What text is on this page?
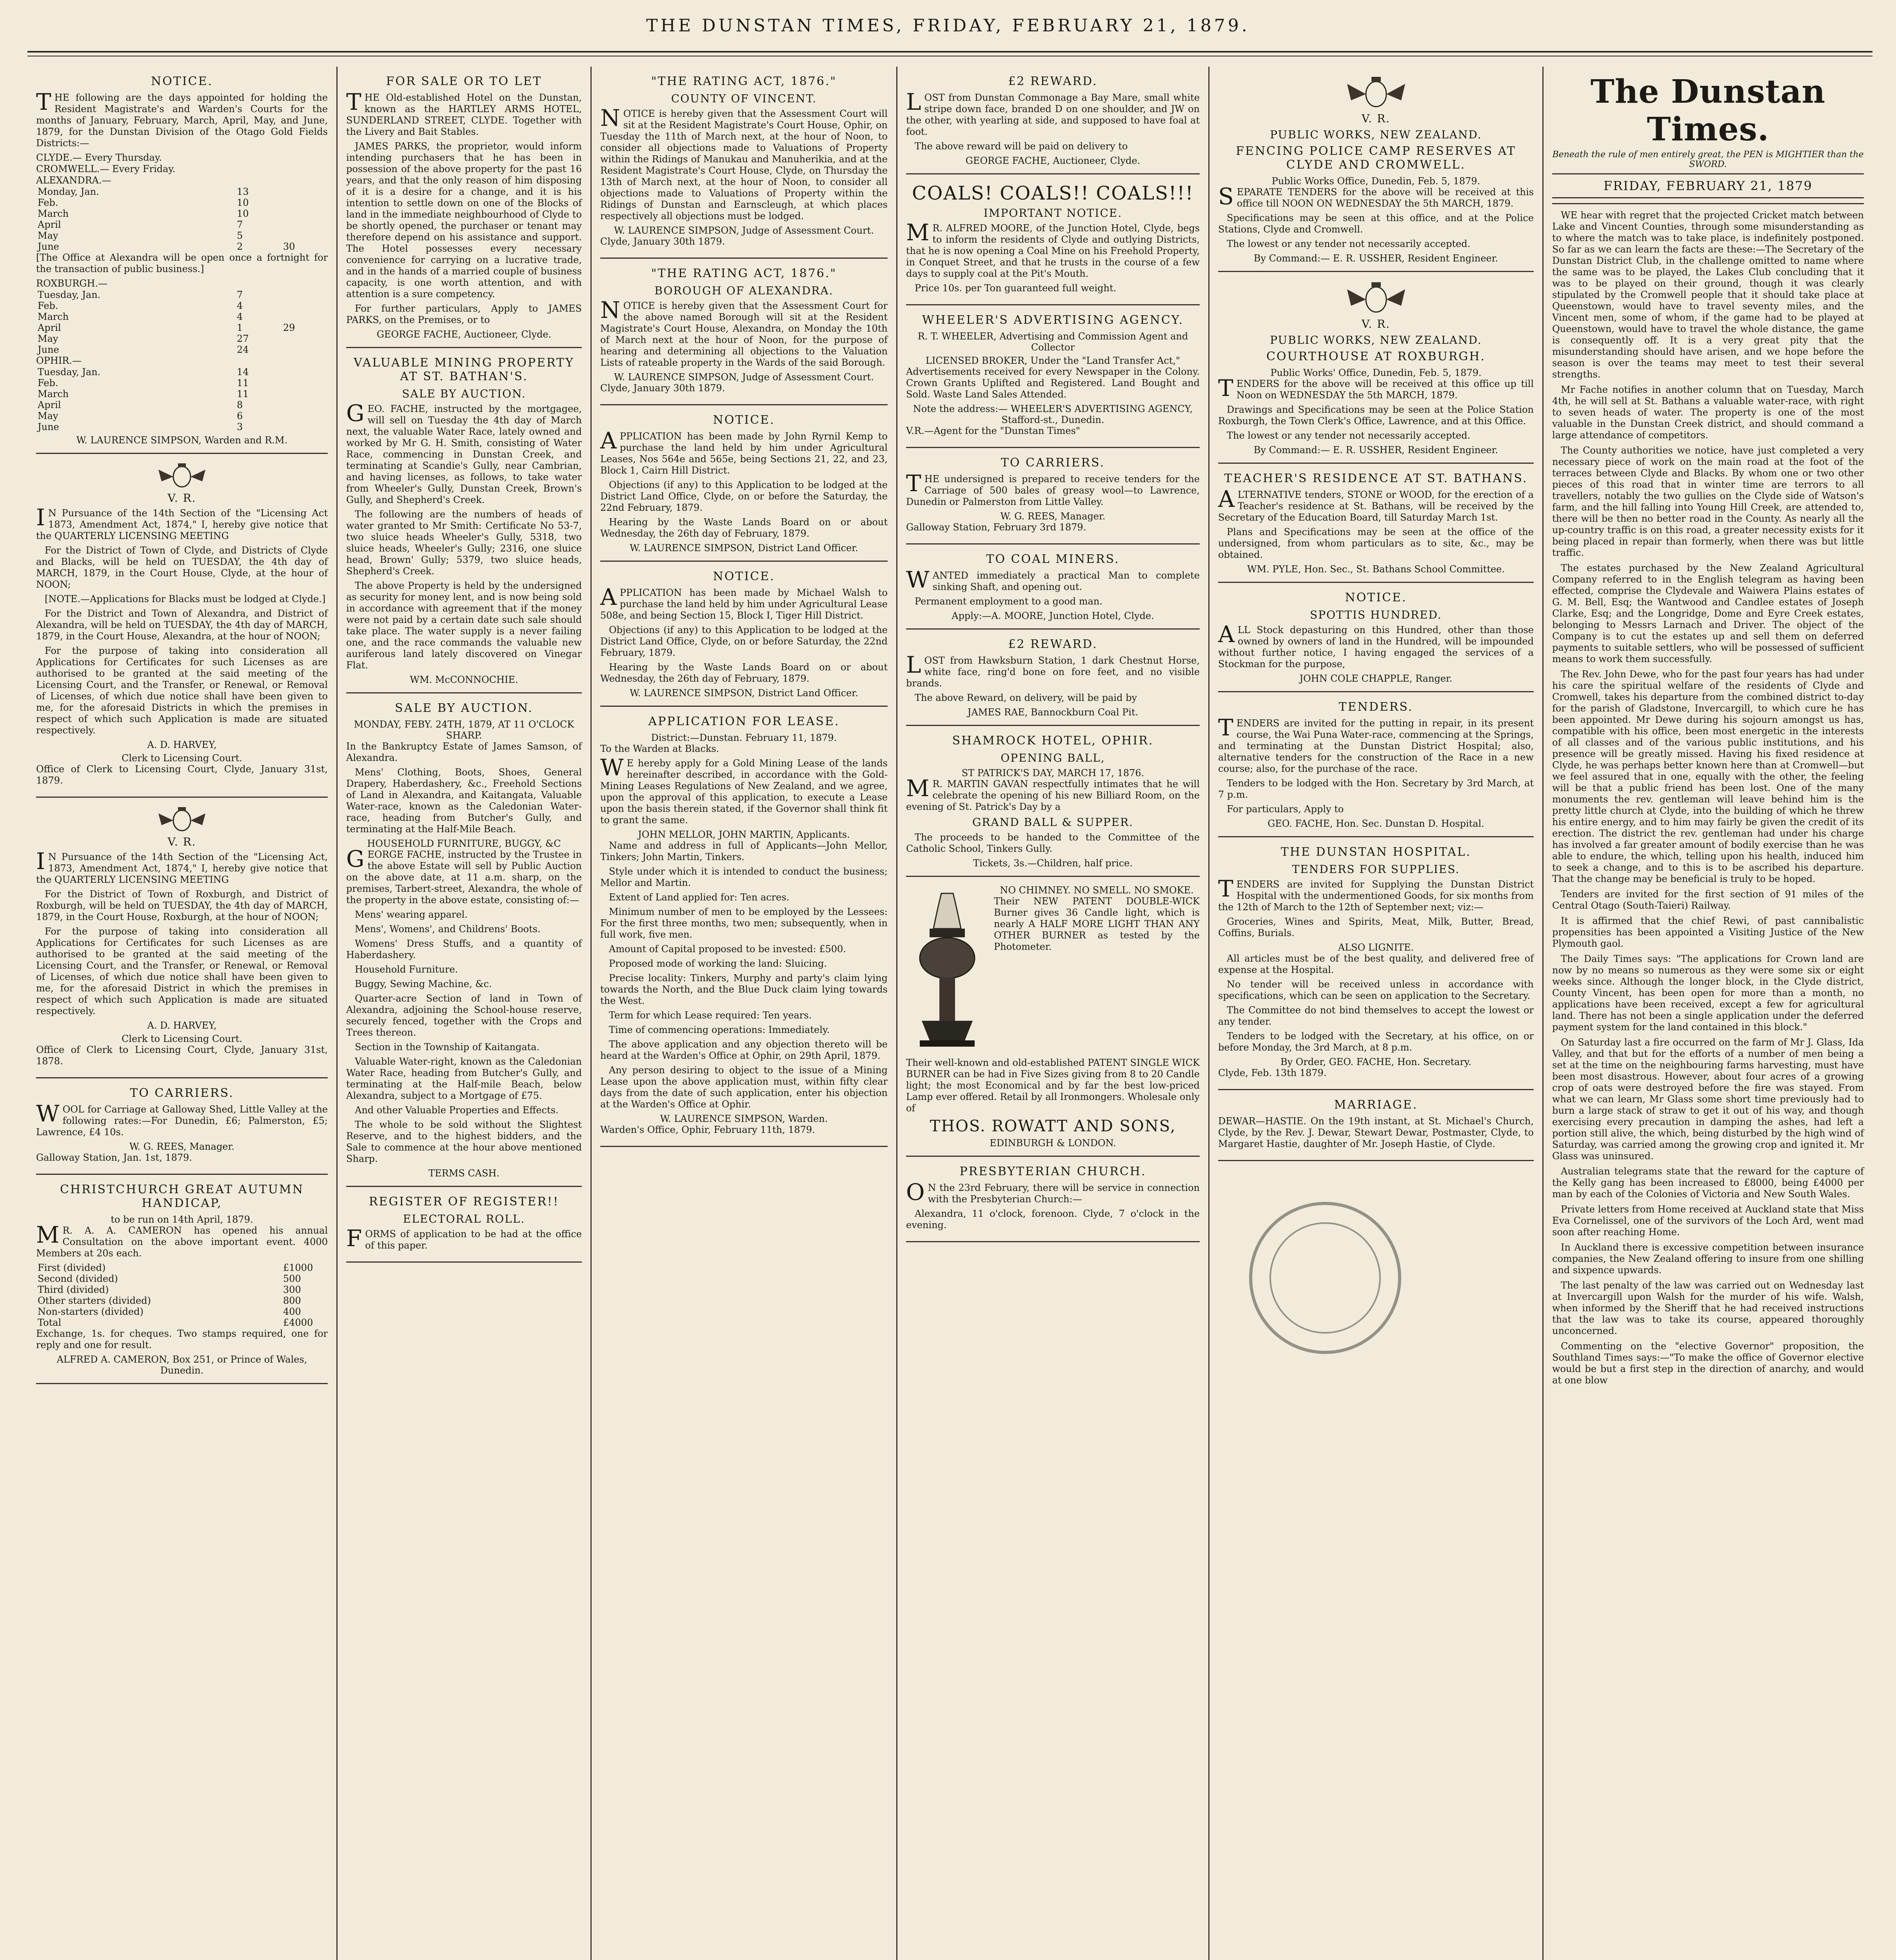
THE DUNSTAN TIMES, FRIDAY, FEBRUARY 21, 1879.
NOTICE.

THE following are the days appointed for holding the Resident Magistrate's and Warden's Courts for the months of January, February, March, April, May, and June, 1879, for the Dunstan Division of the Otago Gold Fields Districts:—

CLYDE.— Every Thursday.

CROMWELL.— Every Friday.

ALEXANDRA.—

Monday, Jan.	13	
Feb.	10	
March	10	
April	7	
May	5	
June	2	30

[The Office at Alexandra will be open once a fortnight for the transaction of public business.]

ROXBURGH.—

Tuesday, Jan.	7	
Feb.	4	
March	4	
April	1	29
May	27	
June	24	

OPHIR.—

Tuesday, Jan.	14	
Feb.	11	
March	11	
April	8	
May	6	
June	3	

W. LAURENCE SIMPSON, Warden and R.M.

V. R.

IN Pursuance of the 14th Section of the "Licensing Act 1873, Amendment Act, 1874," I, hereby give notice that the QUARTERLY LICENSING MEETING

For the District of Town of Clyde, and Districts of Clyde and Blacks, will be held on TUESDAY, the 4th day of MARCH, 1879, in the Court House, Clyde, at the hour of NOON;

[NOTE.—Applications for Blacks must be lodged at Clyde.]

For the District and Town of Alexandra, and District of Alexandra, will be held on TUESDAY, the 4th day of MARCH, 1879, in the Court House, Alexandra, at the hour of NOON;

For the purpose of taking into consideration all Applications for Certificates for such Licenses as are authorised to be granted at the said meeting of the Licensing Court, and the Transfer, or Renewal, or Removal of Licenses, of which due notice shall have been given to me, for the aforesaid Districts in which the premises in respect of which such Application is made are situated respectively.

A. D. HARVEY,

Clerk to Licensing Court.

Office of Clerk to Licensing Court, Clyde, January 31st, 1879.

V. R.

IN Pursuance of the 14th Section of the "Licensing Act, 1873, Amendment Act, 1874," I, hereby give notice that the QUARTERLY LICENSING MEETING

For the District of Town of Roxburgh, and District of Roxburgh, will be held on TUESDAY, the 4th day of MARCH, 1879, in the Court House, Roxburgh, at the hour of NOON;

For the purpose of taking into consideration all Applications for Certificates for such Licenses as are authorised to be granted at the said meeting of the Licensing Court, and the Transfer, or Renewal, or Removal of Licenses, of which due notice shall have been given to me, for the aforesaid District in which the premises in respect of which such Application is made are situated respectively.

A. D. HARVEY,

Clerk to Licensing Court.

Office of Clerk to Licensing Court, Clyde, January 31st, 1878.

TO CARRIERS.

WOOL for Carriage at Galloway Shed, Little Valley at the following rates:—For Dunedin, £6; Palmerston, £5; Lawrence, £4 10s.

W. G. REES, Manager.

Galloway Station, Jan. 1st, 1879.

CHRISTCHURCH GREAT AUTUMN HANDICAP,

to be run on 14th April, 1879.

MR. A. A. CAMERON has opened his annual Consultation on the above important event. 4000 Members at 20s each.

First (divided)	£1000
Second (divided)	500
Third (divided)	300
Other starters (divided)	800
Non-starters (divided)	400
Total	£4000

Exchange, 1s. for cheques. Two stamps required, one for reply and one for result.

ALFRED A. CAMERON, Box 251, or Prince of Wales, Dunedin.

FOR SALE OR TO LET

THE Old-established Hotel on the Dunstan, known as the HARTLEY ARMS HOTEL, SUNDERLAND STREET, CLYDE. Together with the Livery and Bait Stables.

JAMES PARKS, the proprietor, would inform intending purchasers that he has been in possession of the above property for the past 16 years, and that the only reason of him disposing of it is a desire for a change, and it is his intention to settle down on one of the Blocks of land in the immediate neighbourhood of Clyde to be shortly opened, the purchaser or tenant may therefore depend on his assistance and support. The Hotel possesses every necessary convenience for carrying on a lucrative trade, and in the hands of a married couple of business capacity, is one worth attention, and with attention is a sure competency.

For further particulars, Apply to JAMES PARKS, on the Premises, or to

GEORGE FACHE, Auctioneer, Clyde.

VALUABLE MINING PROPERTY AT ST. BATHAN'S.
SALE BY AUCTION.

GEO. FACHE, instructed by the mortgagee, will sell on Tuesday the 4th day of March next, the valuable Water Race, lately owned and worked by Mr G. H. Smith, consisting of Water Race, commencing in Dunstan Creek, and terminating at Scandie's Gully, near Cambrian, and having licenses, as follows, to take water from Wheeler's Gully, Dunstan Creek, Brown's Gully, and Shepherd's Creek.

The following are the numbers of heads of water granted to Mr Smith: Certificate No 53-7, two sluice heads Wheeler's Gully, 5318, two sluice heads, Wheeler's Gully; 2316, one sluice head, Brown' Gully; 5379, two sluice heads, Shepherd's Creek.

The above Property is held by the undersigned as security for money lent, and is now being sold in accordance with agreement that if the money were not paid by a certain date such sale should take place. The water supply is a never failing one, and the race commands the valuable new auriferous land lately discovered on Vinegar Flat.

WM. McCONNOCHIE.

SALE BY AUCTION.

MONDAY, FEBY. 24TH, 1879, AT 11 O'CLOCK SHARP.

In the Bankruptcy Estate of James Samson, of Alexandra.

Mens' Clothing, Boots, Shoes, General Drapery, Haberdashery, &c., Freehold Sections of Land in Alexandra, and Kaitangata, Valuable Water-race, known as the Caledonian Water-race, heading from Butcher's Gully, and terminating at the Half-Mile Beach.

HOUSEHOLD FURNITURE, BUGGY, &C

GEORGE FACHE, instructed by the Trustee in the above Estate will sell by Public Auction on the above date, at 11 a.m. sharp, on the premises, Tarbert-street, Alexandra, the whole of the property in the above estate, consisting of:—

Mens' wearing apparel.

Mens', Womens', and Childrens' Boots.

Womens' Dress Stuffs, and a quantity of Haberdashery.

Household Furniture.

Buggy, Sewing Machine, &c.

Quarter-acre Section of land in Town of Alexandra, adjoining the School-house reserve, securely fenced, together with the Crops and Trees thereon.

Section in the Township of Kaitangata.

Valuable Water-right, known as the Caledonian Water Race, heading from Butcher's Gully, and terminating at the Half-mile Beach, below Alexandra, subject to a Mortgage of £75.

And other Valuable Properties and Effects.

The whole to be sold without the Slightest Reserve, and to the highest bidders, and the Sale to commence at the hour above mentioned Sharp.

TERMS CASH.

REGISTER OF REGISTER!!
ELECTORAL ROLL.

FORMS of application to be had at the office of this paper.

"THE RATING ACT, 1876."
COUNTY OF VINCENT.

NOTICE is hereby given that the Assessment Court will sit at the Resident Magistrate's Court House, Ophir, on Tuesday the 11th of March next, at the hour of Noon, to consider all objections made to Valuations of Property within the Ridings of Manukau and Manuherikia, and at the Resident Magistrate's Court House, Clyde, on Thursday the 13th of March next, at the hour of Noon, to consider all objections made to Valuations of Property within the Ridings of Dunstan and Earnscleugh, at which places respectively all objections must be lodged.

W. LAURENCE SIMPSON, Judge of Assessment Court.

Clyde, January 30th 1879.

"THE RATING ACT, 1876."
BOROUGH OF ALEXANDRA.

NOTICE is hereby given that the Assessment Court for the above named Borough will sit at the Resident Magistrate's Court House, Alexandra, on Monday the 10th of March next at the hour of Noon, for the purpose of hearing and determining all objections to the Valuation Lists of rateable property in the Wards of the said Borough.

W. LAURENCE SIMPSON, Judge of Assessment Court.

Clyde, January 30th 1879.

NOTICE.

APPLICATION has been made by John Ryrnil Kemp to purchase the land held by him under Agricultural Leases, Nos 564e and 565e, being Sections 21, 22, and 23, Block 1, Cairn Hill District.

Objections (if any) to this Application to be lodged at the District Land Office, Clyde, on or before the Saturday, the 22nd February, 1879.

Hearing by the Waste Lands Board on or about Wednesday, the 26th day of February, 1879.

W. LAURENCE SIMPSON, District Land Officer.

NOTICE.

APPLICATION has been made by Michael Walsh to purchase the land held by him under Agricultural Lease 508e, and being Section 15, Block I, Tiger Hill District.

Objections (if any) to this Application to be lodged at the District Land Office, Clyde, on or before Saturday, the 22nd February, 1879.

Hearing by the Waste Lands Board on or about Wednesday, the 26th day of February, 1879.

W. LAURENCE SIMPSON, District Land Officer.

APPLICATION FOR LEASE.

District:—Dunstan. February 11, 1879.

To the Warden at Blacks.

WE hereby apply for a Gold Mining Lease of the lands hereinafter described, in accordance with the Gold-Mining Leases Regulations of New Zealand, and we agree, upon the approval of this application, to execute a Lease upon the basis therein stated, if the Governor shall think fit to grant the same.

JOHN MELLOR, JOHN MARTIN, Applicants.

Name and address in full of Applicants—John Mellor, Tinkers; John Martin, Tinkers.

Style under which it is intended to conduct the business; Mellor and Martin.

Extent of Land applied for: Ten acres.

Minimum number of men to be employed by the Lessees: For the first three months, two men; subsequently, when in full work, five men.

Amount of Capital proposed to be invested: £500.

Proposed mode of working the land: Sluicing.

Precise locality: Tinkers, Murphy and party's claim lying towards the North, and the Blue Duck claim lying towards the West.

Term for which Lease required: Ten years.

Time of commencing operations: Immediately.

The above application and any objection thereto will be heard at the Warden's Office at Ophir, on 29th April, 1879.

Any person desiring to object to the issue of a Mining Lease upon the above application must, within fifty clear days from the date of such application, enter his objection at the Warden's Office at Ophir.

W. LAURENCE SIMPSON, Warden.

Warden's Office, Ophir, February 11th, 1879.

£2 REWARD.

LOST from Dunstan Commonage a Bay Mare, small white stripe down face, branded D on one shoulder, and JW on the other, with yearling at side, and supposed to have foal at foot.

The above reward will be paid on delivery to

GEORGE FACHE, Auctioneer, Clyde.

COALS! COALS!! COALS!!!
IMPORTANT NOTICE.

MR. ALFRED MOORE, of the Junction Hotel, Clyde, begs to inform the residents of Clyde and outlying Districts, that he is now opening a Coal Mine on his Freehold Property, in Conquet Street, and that he trusts in the course of a few days to supply coal at the Pit's Mouth.

Price 10s. per Ton guaranteed full weight.

WHEELER'S ADVERTISING AGENCY.

R. T. WHEELER, Advertising and Commission Agent and Collector

LICENSED BROKER, Under the "Land Transfer Act,"

Advertisements received for every Newspaper in the Colony. Crown Grants Uplifted and Registered. Land Bought and Sold. Waste Land Sales Attended.

Note the address:— WHEELER'S ADVERTISING AGENCY, Stafford-st., Dunedin.

V.R.—Agent for the "Dunstan Times"

TO CARRIERS.

THE undersigned is prepared to receive tenders for the Carriage of 500 bales of greasy wool—to Lawrence, Dunedin or Palmerston from Little Valley.

W. G. REES, Manager.

Galloway Station, February 3rd 1879.

TO COAL MINERS.

WANTED immediately a practical Man to complete sinking Shaft, and opening out.

Permanent employment to a good man.

Apply:—A. MOORE, Junction Hotel, Clyde.

£2 REWARD.

LOST from Hawksburn Station, 1 dark Chestnut Horse, white face, ring'd bone on fore feet, and no visible brands.

The above Reward, on delivery, will be paid by

JAMES RAE, Bannockburn Coal Pit.

SHAMROCK HOTEL, OPHIR.
OPENING BALL,

ST PATRICK'S DAY, MARCH 17, 1876.

MR. MARTIN GAVAN respectfully intimates that he will celebrate the opening of his new Billiard Room, on the evening of St. Patrick's Day by a

GRAND BALL & SUPPER.

The proceeds to be handed to the Committee of the Catholic School, Tinkers Gully.

Tickets, 3s.—Children, half price.

NO CHIMNEY. NO SMELL. NO SMOKE.

Their NEW PATENT DOUBLE-WICK Burner gives 36 Candle light, which is nearly A HALF MORE LIGHT THAN ANY OTHER BURNER as tested by the Photometer.

Their well-known and old-established PATENT SINGLE WICK BURNER can be had in Five Sizes giving from 8 to 20 Candle light; the most Economical and by far the best low-priced Lamp ever offered. Retail by all Ironmongers. Wholesale only of

THOS. ROWATT AND SONS,

EDINBURGH & LONDON.

PRESBYTERIAN CHURCH.

ON the 23rd February, there will be service in connection with the Presbyterian Church:—

Alexandra, 11 o'clock, forenoon. Clyde, 7 o'clock in the evening.

V. R.
PUBLIC WORKS, NEW ZEALAND.
FENCING POLICE CAMP RESERVES AT CLYDE AND CROMWELL.

Public Works Office, Dunedin, Feb. 5, 1879.

SEPARATE TENDERS for the above will be received at this office till NOON ON WEDNESDAY the 5th MARCH, 1879.

Specifications may be seen at this office, and at the Police Stations, Clyde and Cromwell.

The lowest or any tender not necessarily accepted.

By Command:— E. R. USSHER, Resident Engineer.

V. R.
PUBLIC WORKS, NEW ZEALAND.
COURTHOUSE AT ROXBURGH.

Public Works' Office, Dunedin, Feb. 5, 1879.

TENDERS for the above will be received at this office up till Noon on WEDNESDAY the 5th MARCH, 1879.

Drawings and Specifications may be seen at the Police Station Roxburgh, the Town Clerk's Office, Lawrence, and at this Office.

The lowest or any tender not necessarily accepted.

By Command:— E. R. USSHER, Resident Engineer.

TEACHER'S RESIDENCE AT ST. BATHANS.

ALTERNATIVE tenders, STONE or WOOD, for the erection of a Teacher's residence at St. Bathans, will be received by the Secretary of the Education Board, till Saturday March 1st.

Plans and Specifications may be seen at the office of the undersigned, from whom particulars as to site, &c., may be obtained.

WM. PYLE, Hon. Sec., St. Bathans School Committee.

NOTICE.
SPOTTIS HUNDRED.

ALL Stock depasturing on this Hundred, other than those owned by owners of land in the Hundred, will be impounded without further notice, I having engaged the services of a Stockman for the purpose,

JOHN COLE CHAPPLE, Ranger.

TENDERS.

TENDERS are invited for the putting in repair, in its present course, the Wai Puna Water-race, commencing at the Springs, and terminating at the Dunstan District Hospital; also, alternative tenders for the construction of the Race in a new course; also, for the purchase of the race.

Tenders to be lodged with the Hon. Secretary by 3rd March, at 7 p.m.

For particulars, Apply to

GEO. FACHE, Hon. Sec. Dunstan D. Hospital.

THE DUNSTAN HOSPITAL.
TENDERS FOR SUPPLIES.

TENDERS are invited for Supplying the Dunstan District Hospital with the undermentioned Goods, for six months from the 12th of March to the 12th of September next; viz:—

Groceries, Wines and Spirits, Meat, Milk, Butter, Bread, Coffins, Burials.

ALSO LIGNITE.

All articles must be of the best quality, and delivered free of expense at the Hospital.

No tender will be received unless in accordance with specifications, which can be seen on application to the Secretary.

The Committee do not bind themselves to accept the lowest or any tender.

Tenders to be lodged with the Secretary, at his office, on or before Monday, the 3rd March, at 8 p.m.

By Order, GEO. FACHE, Hon. Secretary.

Clyde, Feb. 13th 1879.

MARRIAGE.

DEWAR—HASTIE. On the 19th instant, at St. Michael's Church, Clyde, by the Rev. J. Dewar, Stewart Dewar, Postmaster, Clyde, to Margaret Hastie, daughter of Mr. Joseph Hastie, of Clyde.

The Dunstan Times.
Beneath the rule of men entirely great, the PEN is MIGHTIER than the SWORD.
FRIDAY, FEBRUARY 21, 1879

WE hear with regret that the projected Cricket match between Lake and Vincent Counties, through some misunderstanding as to where the match was to take place, is indefinitely postponed. So far as we can learn the facts are these:—The Secretary of the Dunstan District Club, in the challenge omitted to name where the same was to be played, the Lakes Club concluding that it was to be played on their ground, though it was clearly stipulated by the Cromwell people that it should take place at Queenstown, would have to travel seventy miles, and the Vincent men, some of whom, if the game had to be played at Queenstown, would have to travel the whole distance, the game is consequently off. It is a very great pity that the misunderstanding should have arisen, and we hope before the season is over the teams may meet to test their several strengths.

Mr Fache notifies in another column that on Tuesday, March 4th, he will sell at St. Bathans a valuable water-race, with right to seven heads of water. The property is one of the most valuable in the Dunstan Creek district, and should command a large attendance of competitors.

The County authorities we notice, have just completed a very necessary piece of work on the main road at the foot of the terraces between Clyde and Blacks. By whom one or two other pieces of this road that in winter time are terrors to all travellers, notably the two gullies on the Clyde side of Watson's farm, and the hill falling into Young Hill Creek, are attended to, there will be then no better road in the County. As nearly all the up-country traffic is on this road, a greater necessity exists for it being placed in repair than formerly, when there was but little traffic.

The estates purchased by the New Zealand Agricultural Company referred to in the English telegram as having been effected, comprise the Clydevale and Waiwera Plains estates of G. M. Bell, Esq; the Wantwood and Candlee estates of Joseph Clarke, Esq; and the Longridge, Dome and Eyre Creek estates, belonging to Messrs Larnach and Driver. The object of the Company is to cut the estates up and sell them on deferred payments to suitable settlers, who will be possessed of sufficient means to work them successfully.

The Rev. John Dewe, who for the past four years has had under his care the spiritual welfare of the residents of Clyde and Cromwell, takes his departure from the combined district to-day for the parish of Gladstone, Invercargill, to which cure he has been appointed. Mr Dewe during his sojourn amongst us has, compatible with his office, been most energetic in the interests of all classes and of the various public institutions, and his presence will be greatly missed. Having his fixed residence at Clyde, he was perhaps better known here than at Cromwell—but we feel assured that in one, equally with the other, the feeling will be that a public friend has been lost. One of the many monuments the rev. gentleman will leave behind him is the pretty little church at Clyde, into the building of which he threw his entire energy, and to him may fairly be given the credit of its erection. The district the rev. gentleman had under his charge has involved a far greater amount of bodily exercise than he was able to endure, the which, telling upon his health, induced him to seek a change, and to this is to be ascribed his departure. That the change may be beneficial is truly to be hoped.

Tenders are invited for the first section of 91 miles of the Central Otago (South-Taieri) Railway.

It is affirmed that the chief Rewi, of past cannibalistic propensities has been appointed a Visiting Justice of the New Plymouth gaol.

The Daily Times says: "The applications for Crown land are now by no means so numerous as they were some six or eight weeks since. Although the longer block, in the Clyde district, County Vincent, has been open for more than a month, no applications have been received, except a few for agricultural land. There has not been a single application under the deferred payment system for the land contained in this block."

On Saturday last a fire occurred on the farm of Mr J. Glass, Ida Valley, and that but for the efforts of a number of men being a set at the time on the neighbouring farms harvesting, must have been most disastrous. However, about four acres of a growing crop of oats were destroyed before the fire was stayed. From what we can learn, Mr Glass some short time previously had to burn a large stack of straw to get it out of his way, and though exercising every precaution in damping the ashes, had left a portion still alive, the which, being disturbed by the high wind of Saturday, was carried among the growing crop and ignited it. Mr Glass was uninsured.

Australian telegrams state that the reward for the capture of the Kelly gang has been increased to £8000, being £4000 per man by each of the Colonies of Victoria and New South Wales.

Private letters from Home received at Auckland state that Miss Eva Cornelissel, one of the survivors of the Loch Ard, went mad soon after reaching Home.

In Auckland there is excessive competition between insurance companies, the New Zealand offering to insure from one shilling and sixpence upwards.

The last penalty of the law was carried out on Wednesday last at Invercargill upon Walsh for the murder of his wife. Walsh, when informed by the Sheriff that he had received instructions that the law was to take its course, appeared thoroughly unconcerned.

Commenting on the "elective Governor" proposition, the Southland Times says:—"To make the office of Governor elective would be but a first step in the direction of anarchy, and would at one blow
